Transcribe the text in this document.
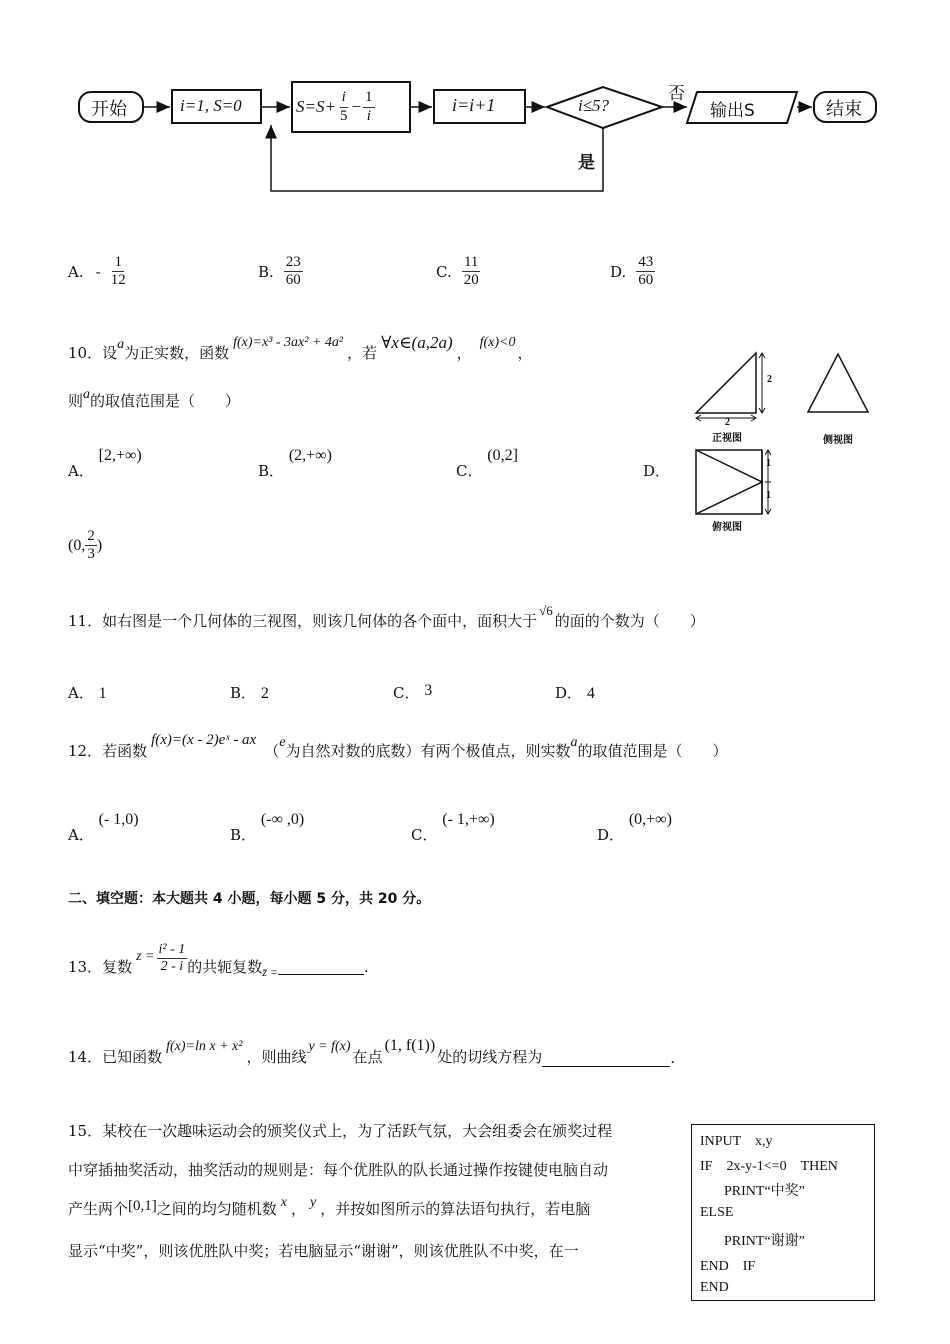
开始	i=1, S=0	$S=S+ \frac{i}{5} - \frac{1}{i}$	i=i+1	i≤5?
否
是
输出S	结束
A. - $\frac{1}{12}$	B. $\frac{23}{60}$	C. $\frac{11}{20}$	D. $\frac{43}{60}$
10．设 a 为正实数，函数
f(x)=x³ - 3ax² + 4a²
，若
∀x∈(a,2a)
，
f(x)<0
，
则 a 的取值范围是（　　）
A． [2,+∞)
B． (2,+∞)
C． (0,2]
D．
(0, $\frac{2}{3}$ )
2
2
正视图	侧视图
1
1
俯视图
11．如右图是一个几何体的三视图，则该几何体的各个面中，面积大于
√6
的面的个数为（　　）
A． 1	B． 2	C． 3	D． 4
12．若函数
f(x)=(x - 2)eˣ - ax
（ e 为自然对数的底数）有两个极值点，则实数 a 的取值范围是（　　）
A． (- 1,0)
B． (-∞ ,0)
C． (- 1,+∞)
D． (0,+∞)
二、填空题：本大题共 4 小题，每小题 5 分，共 20 分。
13．复数
$z = \frac{\text{i² - 1}}{2 - i}$ 的共轭复数 z̄ =	.
14．已知函数
f(x)=ln x + x²
，则曲线
y = f(x)
在点
(1, f(1))
处的切线方程为	.
15．某校在一次趣味运动会的颁奖仪式上，为了活跃气氛，大会组委会在颁奖过程
中穿插抽奖活动，抽奖活动的规则是：每个优胜队的队长通过操作按键使电脑自动
产生两个 [0,1] 之间的均匀随机数 x ， y ，并按如图所示的算法语句执行，若电脑
显示“中奖”，则该优胜队中奖；若电脑显示“谢谢”，则该优胜队不中奖，在一
INPUT　x,y
IF　2x-y-1<=0　THEN
PRINT“中奖”
ELSE
PRINT“谢谢”
END　IF
END
